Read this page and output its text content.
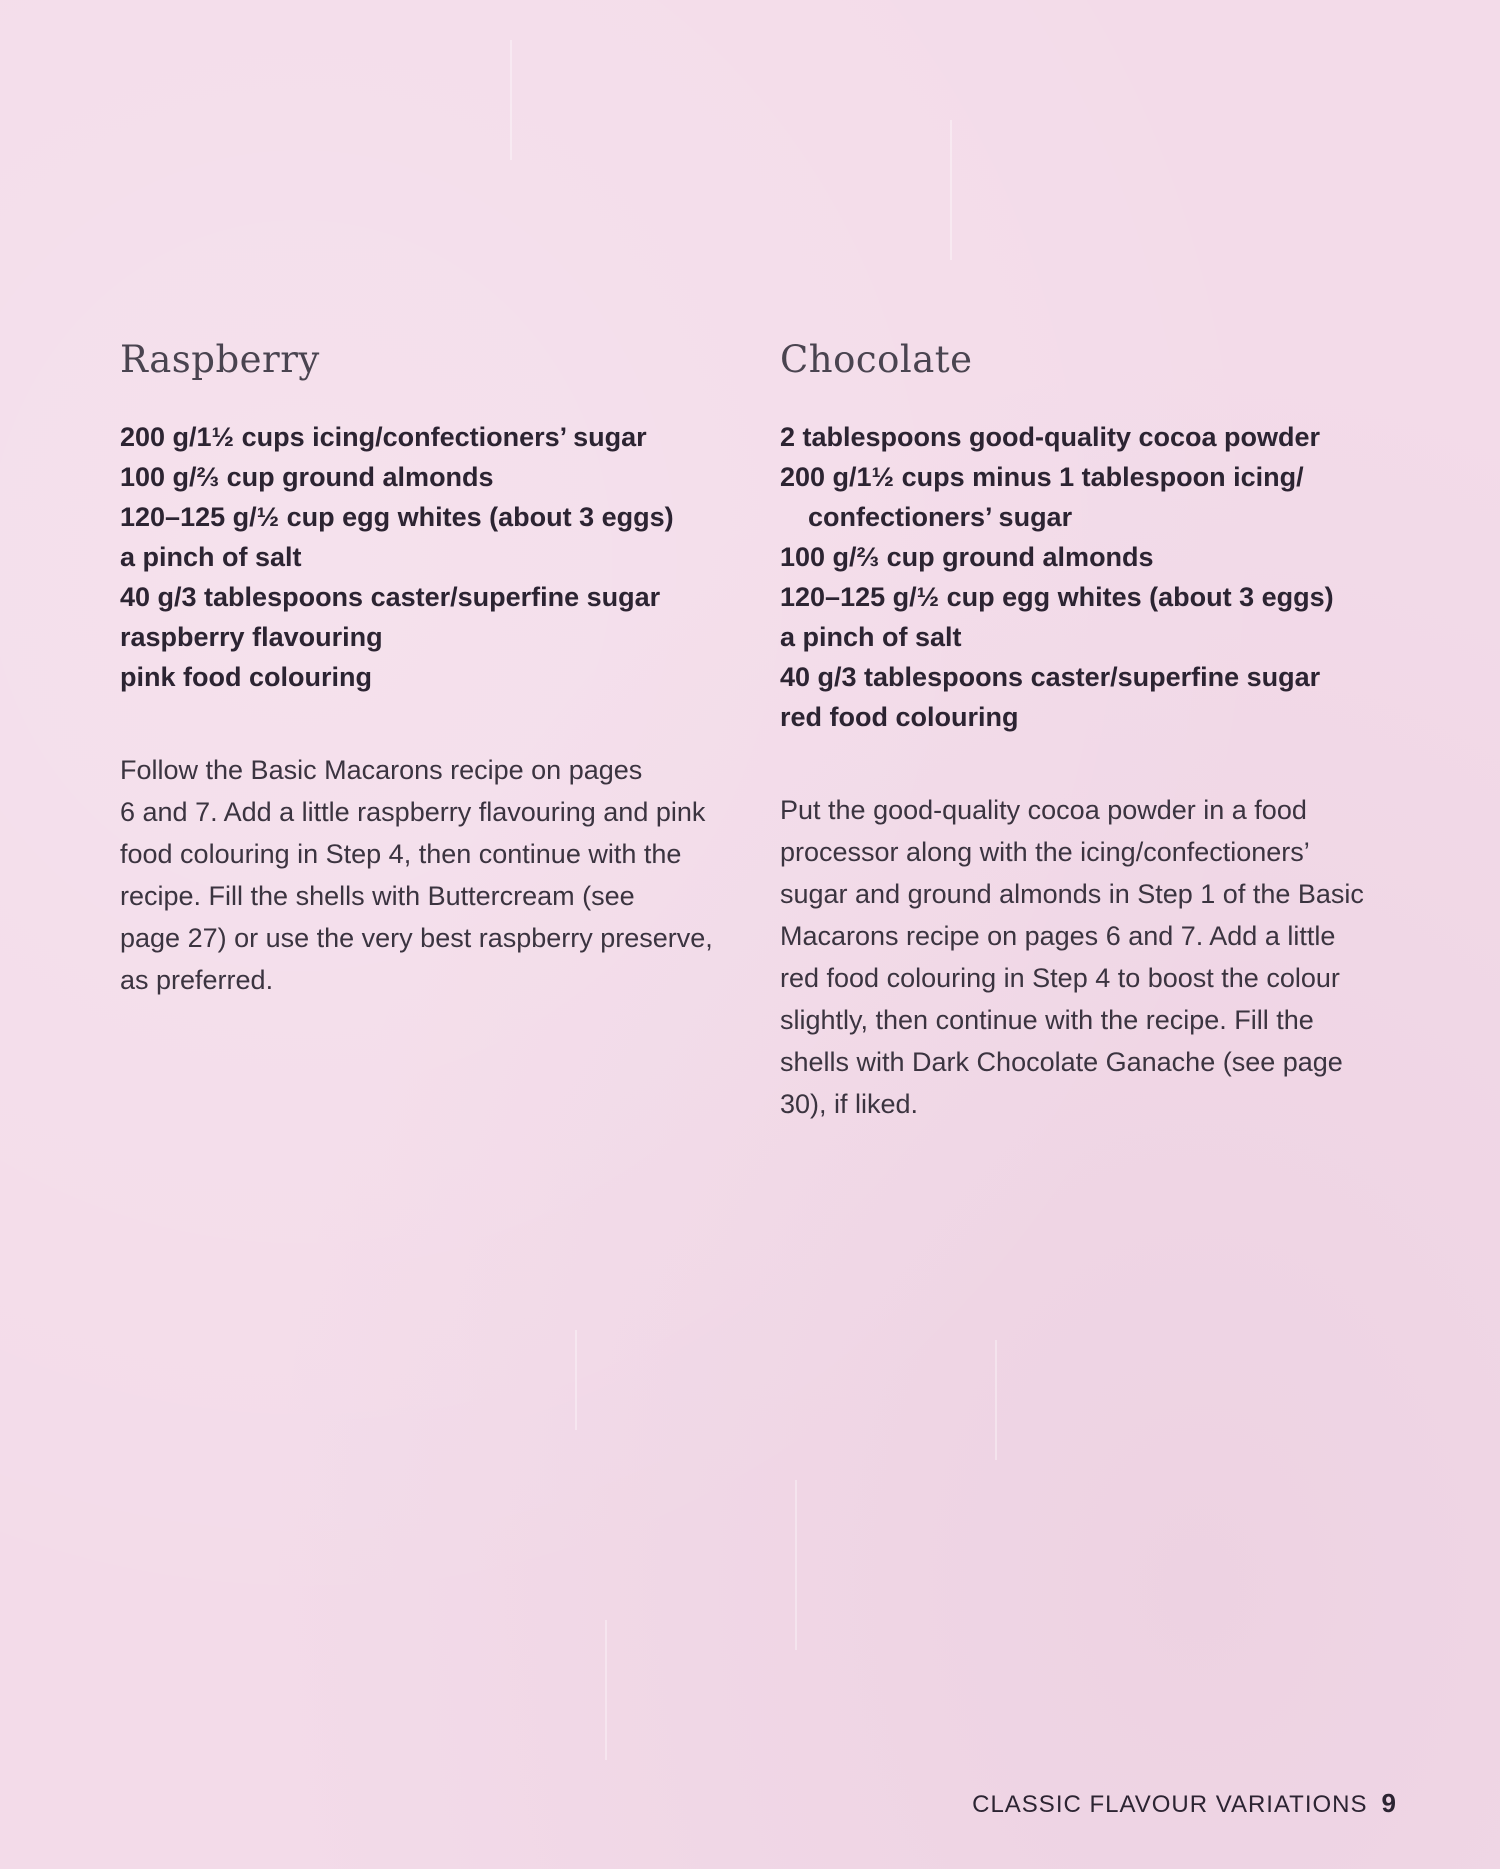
Raspberry
200 g/1½ cups icing/confectioners’ sugar
100 g/⅔ cup ground almonds
120–125 g/½ cup egg whites (about 3 eggs)
a pinch of salt
40 g/3 tablespoons caster/superfine sugar
raspberry flavouring
pink food colouring

Follow the Basic Macarons recipe on pages
6 and 7. Add a little raspberry flavouring and pink
food colouring in Step 4, then continue with the
recipe. Fill the shells with Buttercream (see
page 27) or use the very best raspberry preserve,
as preferred.

Chocolate
2 tablespoons good-quality cocoa powder
200 g/1½ cups minus 1 tablespoon icing/
confectioners’ sugar
100 g/⅔ cup ground almonds
120–125 g/½ cup egg whites (about 3 eggs)
a pinch of salt
40 g/3 tablespoons caster/superfine sugar
red food colouring

Put the good-quality cocoa powder in a food
processor along with the icing/confectioners’
sugar and ground almonds in Step 1 of the Basic
Macarons recipe on pages 6 and 7. Add a little
red food colouring in Step 4 to boost the colour
slightly, then continue with the recipe. Fill the
shells with Dark Chocolate Ganache (see page
30), if liked.

CLASSIC FLAVOUR VARIATIONS 9
